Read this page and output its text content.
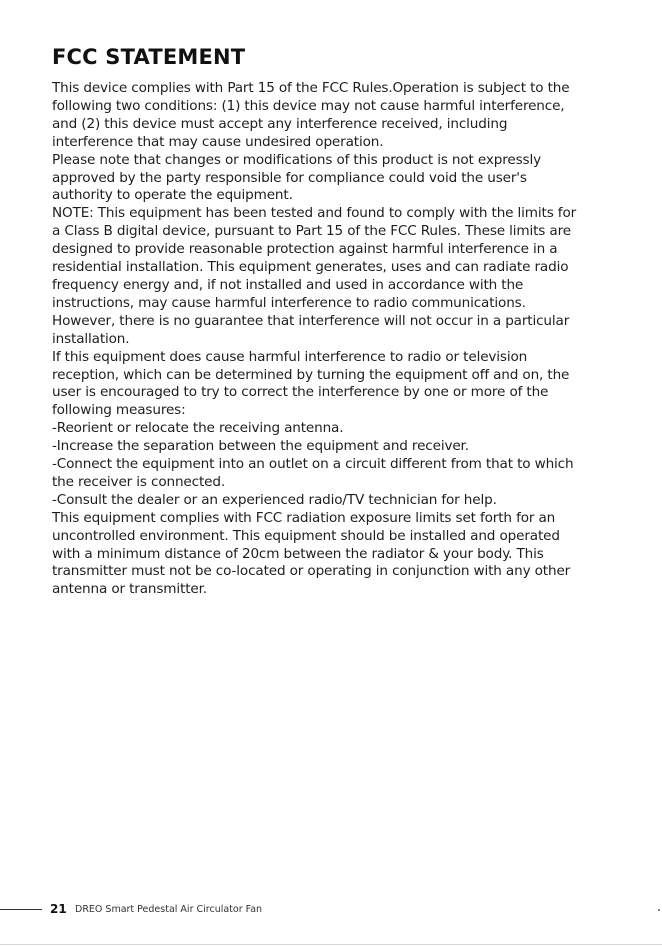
FCC STATEMENT
This device complies with Part 15 of the FCC Rules.Operation is subject to the
following two conditions: (1) this device may not cause harmful interference,
and (2) this device must accept any interference received, including
interference that may cause undesired operation.
Please note that changes or modifications of this product is not expressly
approved by the party responsible for compliance could void the user's
authority to operate the equipment.
NOTE: This equipment has been tested and found to comply with the limits for
a Class B digital device, pursuant to Part 15 of the FCC Rules. These limits are
designed to provide reasonable protection against harmful interference in a
residential installation. This equipment generates, uses and can radiate radio
frequency energy and, if not installed and used in accordance with the
instructions, may cause harmful interference to radio communications.
However, there is no guarantee that interference will not occur in a particular
installation.
If this equipment does cause harmful interference to radio or television
reception, which can be determined by turning the equipment off and on, the
user is encouraged to try to correct the interference by one or more of the
following measures:
-Reorient or relocate the receiving antenna.
-Increase the separation between the equipment and receiver.
-Connect the equipment into an outlet on a circuit different from that to which
the receiver is connected.
-Consult the dealer or an experienced radio/TV technician for help.
This equipment complies with FCC radiation exposure limits set forth for an
uncontrolled environment. This equipment should be installed and operated
with a minimum distance of 20cm between the radiator & your body. This
transmitter must not be co-located or operating in conjunction with any other
antenna or transmitter.
21 DREO Smart Pedestal Air Circulator Fan
